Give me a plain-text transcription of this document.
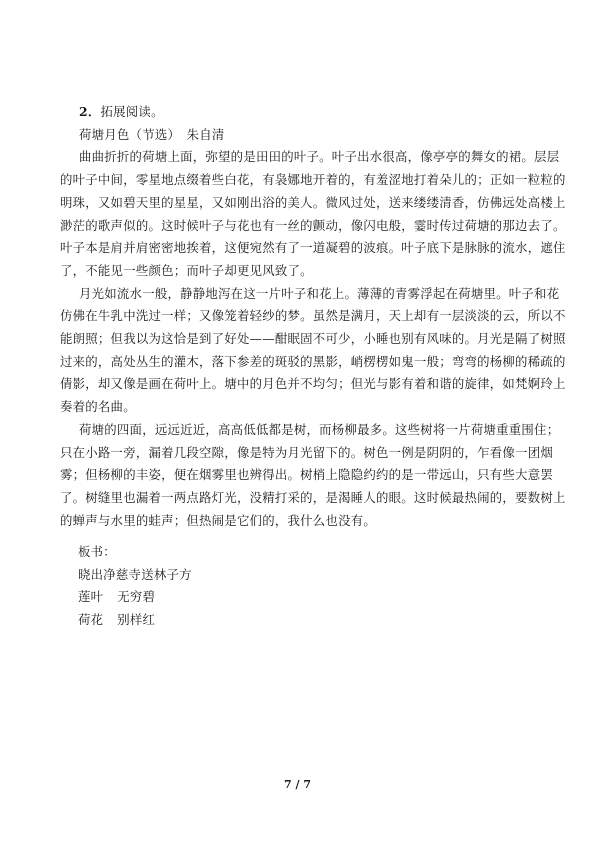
2．拓展阅读。
荷塘月色（节选）　朱自清
曲曲折折的荷塘上面，弥望的是田田的叶子。叶子出水很高，像亭亭的舞女的裙。层层
的叶子中间，零星地点缀着些白花，有袅娜地开着的，有羞涩地打着朵儿的；正如一粒粒的
明珠，又如碧天里的星星，又如刚出浴的美人。微风过处，送来缕缕清香，仿佛远处高楼上
渺茫的歌声似的。这时候叶子与花也有一丝的颤动，像闪电般，霎时传过荷塘的那边去了。
叶子本是肩并肩密密地挨着，这便宛然有了一道凝碧的波痕。叶子底下是脉脉的流水，遮住
了，不能见一些颜色；而叶子却更见风致了。
月光如流水一般，静静地泻在这一片叶子和花上。薄薄的青雾浮起在荷塘里。叶子和花
仿佛在牛乳中洗过一样；又像笼着轻纱的梦。虽然是满月，天上却有一层淡淡的云，所以不
能朗照；但我以为这恰是到了好处——酣眠固不可少，小睡也别有风味的。月光是隔了树照
过来的，高处丛生的灌木，落下参差的斑驳的黑影，峭楞楞如鬼一般；弯弯的杨柳的稀疏的
倩影，却又像是画在荷叶上。塘中的月色并不均匀；但光与影有着和谐的旋律，如梵婀玲上
奏着的名曲。
荷塘的四面，远远近近，高高低低都是树，而杨柳最多。这些树将一片荷塘重重围住；
只在小路一旁，漏着几段空隙，像是特为月光留下的。树色一例是阴阴的，乍看像一团烟
雾；但杨柳的丰姿，便在烟雾里也辨得出。树梢上隐隐约约的是一带远山，只有些大意罢
了。树缝里也漏着一两点路灯光，没精打采的，是渴睡人的眼。这时候最热闹的，要数树上
的蝉声与水里的蛙声；但热闹是它们的，我什么也没有。
板书：
晓出净慈寺送林子方
莲叶 无穷碧
荷花 别样红
7 / 7
